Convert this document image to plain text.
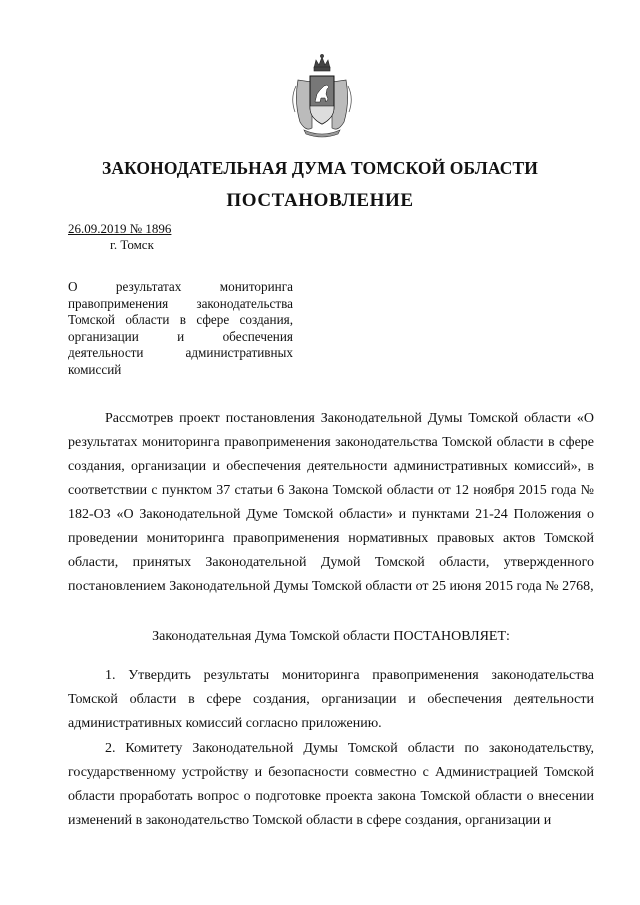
ЗАКОНОДАТЕЛЬНАЯ ДУМА ТОМСКОЙ ОБЛАСТИ
ПОСТАНОВЛЕНИЕ
26.09.2019 № 1896
г. Томск
О результатах мониторинга правоприменения законодательства Томской области в сфере создания, организации и обеспечения деятельности административных комиссий

Рассмотрев проект постановления Законодательной Думы Томской области «О результатах мониторинга правоприменения законодательства Томской области в сфере создания, организации и обеспечения деятельности административных комиссий», в соответствии с пунктом 37 статьи 6 Закона Томской области от 12 ноября 2015 года № 182-ОЗ «О Законодательной Думе Томской области» и пунктами 21-24 Положения о проведении мониторинга правоприменения нормативных правовых актов Томской области, принятых Законодательной Думой Томской области, утвержденного постановлением Законодательной Думы Томской области от 25 июня 2015 года № 2768,

Законодательная Дума Томской области ПОСТАНОВЛЯЕТ:

1. Утвердить результаты мониторинга правоприменения законодательства Томской области в сфере создания, организации и обеспечения деятельности административных комиссий согласно приложению.

2. Комитету Законодательной Думы Томской области по законодательству, государственному устройству и безопасности совместно с Администрацией Томской области проработать вопрос о подготовке проекта закона Томской области о внесении изменений в законодательство Томской области в сфере создания, организации и
